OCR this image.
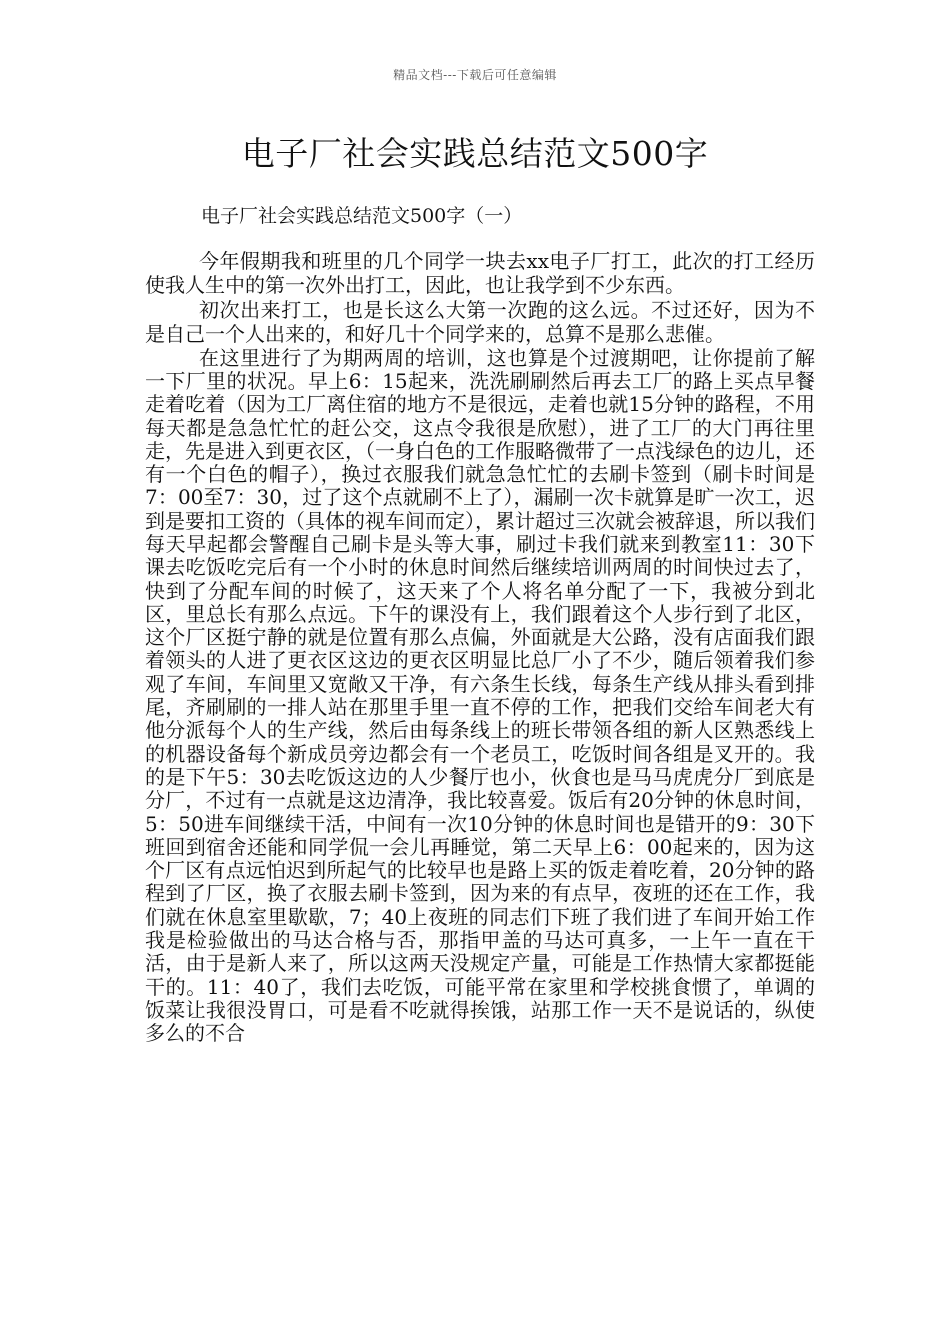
精品文档---下载后可任意编辑
电子厂社会实践总结范文500字
电子厂社会实践总结范文500字（一）

今年假期我和班里的几个同学一块去xx电子厂打工，此次的打工经历使我人生中的第一次外出打工，因此，也让我学到不少东西。

初次出来打工，也是长这么大第一次跑的这么远。不过还好，因为不是自己一个人出来的，和好几十个同学来的，总算不是那么悲催。

在这里进行了为期两周的培训，这也算是个过渡期吧，让你提前了解一下厂里的状况。早上6：15起来，洗洗刷刷然后再去工厂的路上买点早餐走着吃着（因为工厂离住宿的地方不是很远，走着也就15分钟的路程，不用每天都是急急忙忙的赶公交，这点令我很是欣慰），进了工厂的大门再往里走，先是进入到更衣区，（一身白色的工作服略微带了一点浅绿色的边儿，还有一个白色的帽子），换过衣服我们就急急忙忙的去刷卡签到（刷卡时间是7：00至7：30，过了这个点就刷不上了），漏刷一次卡就算是旷一次工，迟到是要扣工资的（具体的视车间而定），累计超过三次就会被辞退，所以我们每天早起都会警醒自己刷卡是头等大事，刷过卡我们就来到教室11：30下课去吃饭吃完后有一个小时的休息时间然后继续培训两周的时间快过去了，快到了分配车间的时候了，这天来了个人将名单分配了一下，我被分到北区，里总长有那么点远。下午的课没有上，我们跟着这个人步行到了北区，这个厂区挺宁静的就是位置有那么点偏，外面就是大公路，没有店面我们跟着领头的人进了更衣区这边的更衣区明显比总厂小了不少，随后领着我们参观了车间，车间里又宽敞又干净，有六条生长线，每条生产线从排头看到排尾，齐刷刷的一排人站在那里手里一直不停的工作，把我们交给车间老大有他分派每个人的生产线，然后由每条线上的班长带领各组的新人区熟悉线上的机器设备每个新成员旁边都会有一个老员工，吃饭时间各组是叉开的。我的是下午5：30去吃饭这边的人少餐厅也小，伙食也是马马虎虎分厂到底是分厂，不过有一点就是这边清净，我比较喜爱。饭后有20分钟的休息时间，5：50进车间继续干活，中间有一次10分钟的休息时间也是错开的9：30下班回到宿舍还能和同学侃一会儿再睡觉，第二天早上6：00起来的，因为这个厂区有点远怕迟到所起气的比较早也是路上买的饭走着吃着，20分钟的路程到了厂区，换了衣服去刷卡签到，因为来的有点早，夜班的还在工作，我们就在休息室里歇歇，7；40上夜班的同志们下班了我们进了车间开始工作我是检验做出的马达合格与否，那指甲盖的马达可真多，一上午一直在干活，由于是新人来了，所以这两天没规定产量，可能是工作热情大家都挺能干的。11：40了，我们去吃饭，可能平常在家里和学校挑食惯了，单调的饭菜让我很没胃口，可是看不吃就得挨饿，站那工作一天不是说话的，纵使多么的不合
